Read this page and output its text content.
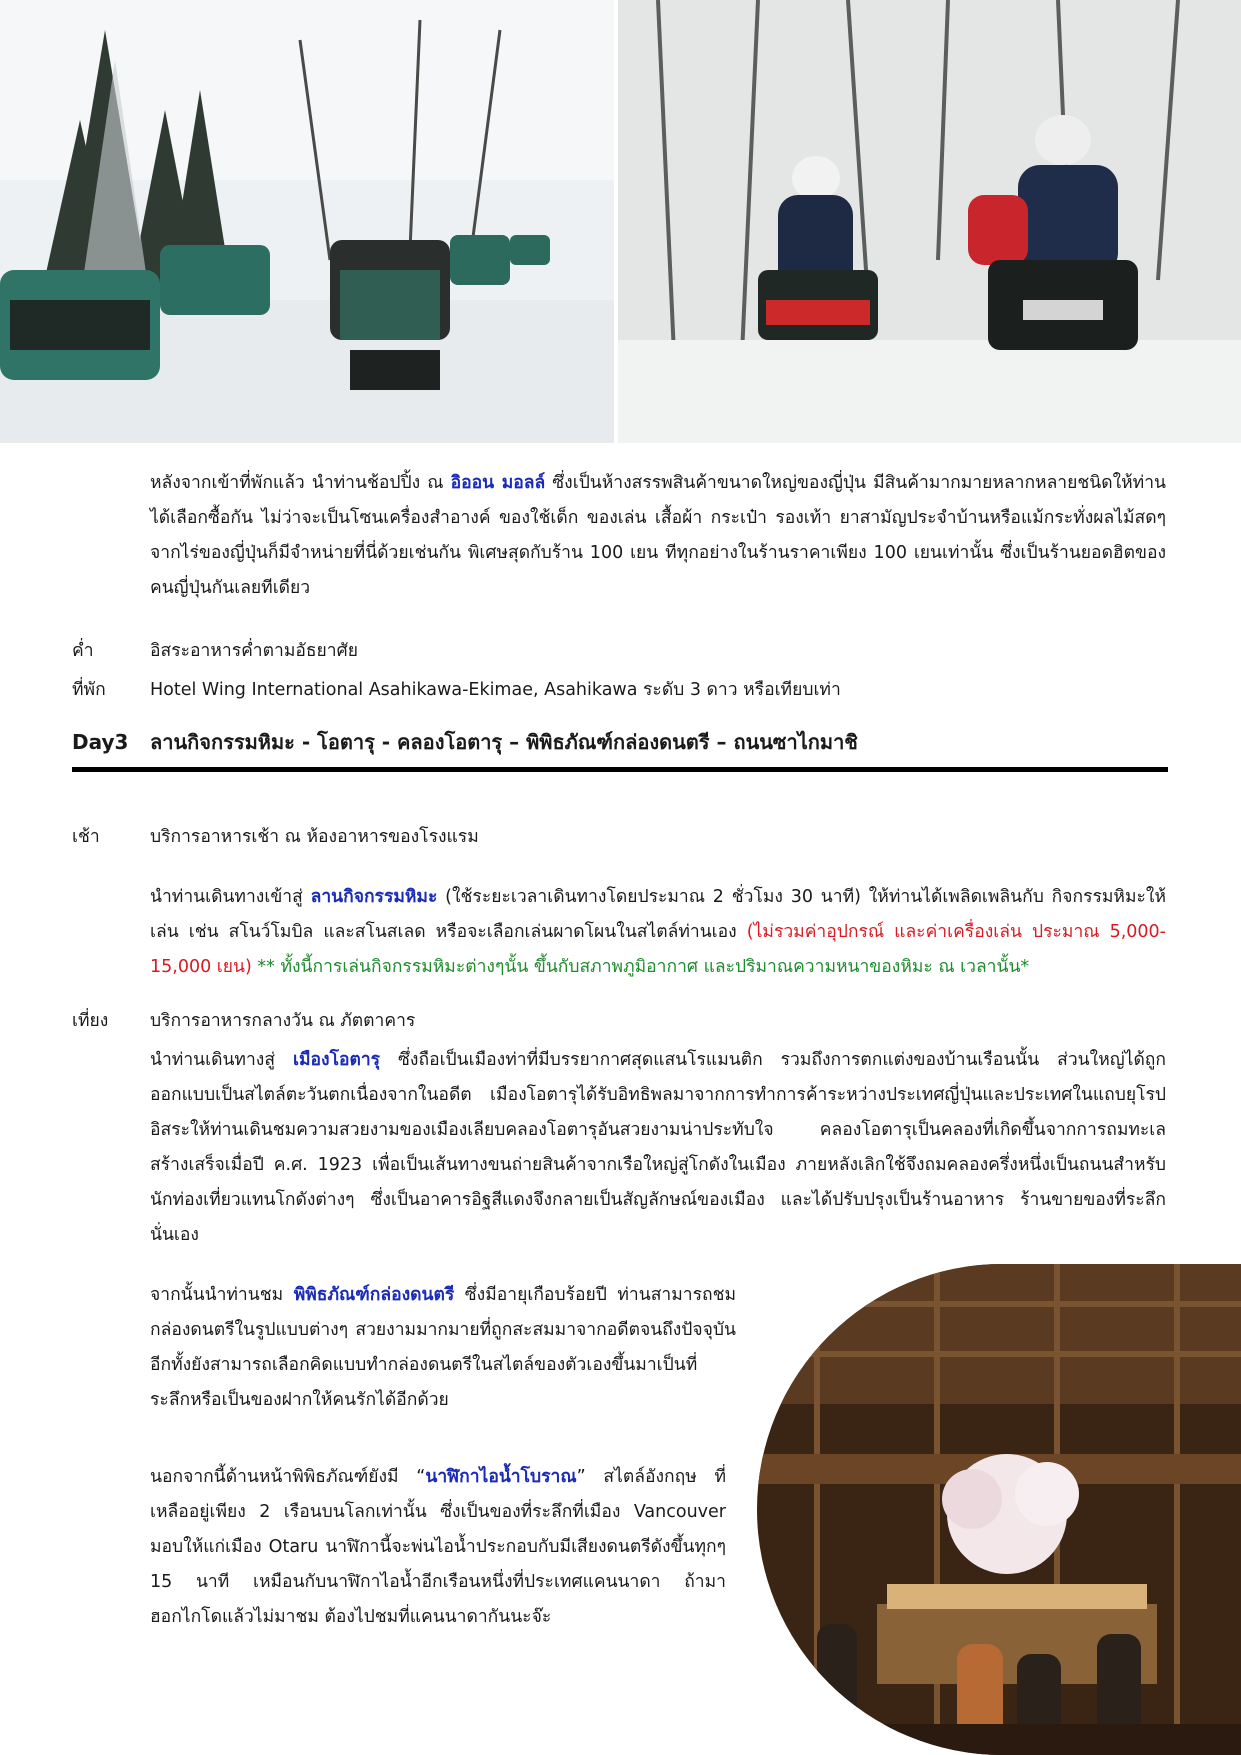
หลังจากเข้าที่พักแล้ว นำท่านช้อปปิ้ง ณ อิออน มอลล์ ซึ่งเป็นห้างสรรพสินค้าขนาดใหญ่ของญี่ปุ่น มีสินค้ามากมายหลากหลายชนิดให้ท่านได้เลือกซื้อกัน ไม่ว่าจะเป็นโซนเครื่องสำอางค์ ของใช้เด็ก ของเล่น เสื้อผ้า กระเป๋า รองเท้า ยาสามัญประจำบ้านหรือแม้กระทั่งผลไม้สดๆจากไร่ของญี่ปุ่นก็มีจำหน่ายที่นี่ด้วยเช่นกัน พิเศษสุดกับร้าน 100 เยน ทีทุกอย่างในร้านราคาเพียง 100 เยนเท่านั้น ซึ่งเป็นร้านยอดฮิตของคนญี่ปุ่นกันเลยทีเดียว

ค่ำ	อิสระอาหารค่ำตามอัธยาศัย
ที่พัก	Hotel Wing International Asahikawa-Ekimae, Asahikawa ระดับ 3 ดาว หรือเทียบเท่า
Day3 ลานกิจกรรมหิมะ - โอตารุ - คลองโอตารุ – พิพิธภัณฑ์กล่องดนตรี – ถนนซาไกมาชิ
เช้า	บริการอาหารเช้า ณ ห้องอาหารของโรงแรม

นำท่านเดินทางเข้าสู่ ลานกิจกรรมหิมะ (ใช้ระยะเวลาเดินทางโดยประมาณ 2 ชั่วโมง 30 นาที) ให้ท่านได้เพลิดเพลินกับ กิจกรรมหิมะให้เล่น เช่น สโนว์โมบิล และสโนสเลด หรือจะเลือกเล่นผาดโผนในสไตล์ท่านเอง (ไม่รวมค่าอุปกรณ์ และค่าเครื่องเล่น ประมาณ 5,000-15,000 เยน) ** ทั้งนี้การเล่นกิจกรรมหิมะต่างๆนั้น ขึ้นกับสภาพภูมิอากาศ และปริมาณความหนาของหิมะ ณ เวลานั้น*

เที่ยง บริการอาหารกลางวัน ณ ภัตตาคาร

นำท่านเดินทางสู่ เมืองโอตารุ ซึ่งถือเป็นเมืองท่าที่มีบรรยากาศสุดแสนโรแมนติก รวมถึงการตกแต่งของบ้านเรือนนั้น ส่วนใหญ่ได้ถูกออกแบบเป็นสไตล์ตะวันตกเนื่องจากในอดีต เมืองโอตารุได้รับอิทธิพลมาจากการทำการค้าระหว่างประเทศญี่ปุ่นและประเทศในแถบยุโรป อิสระให้ท่านเดินชมความสวยงามของเมืองเลียบคลองโอตารุอันสวยงามน่าประทับใจ คลองโอตารุเป็นคลองที่เกิดขึ้นจากการถมทะเล สร้างเสร็จเมื่อปี ค.ศ. 1923 เพื่อเป็นเส้นทางขนถ่ายสินค้าจากเรือใหญ่สู่โกดังในเมือง ภายหลังเลิกใช้จึงถมคลองครึ่งหนึ่งเป็นถนนสำหรับนักท่องเที่ยวแทนโกดังต่างๆ ซึ่งเป็นอาคารอิฐสีแดงจึงกลายเป็นสัญลักษณ์ของเมือง และได้ปรับปรุงเป็นร้านอาหาร ร้านขายของที่ระลึกนั่นเอง

จากนั้นนำท่านชม พิพิธภัณฑ์กล่องดนตรี ซึ่งมีอายุเกือบร้อยปี ท่านสามารถชมกล่องดนตรีในรูปแบบต่างๆ สวยงามมากมายที่ถูกสะสมมาจากอดีตจนถึงปัจจุบัน อีกทั้งยังสามารถเลือกคิดแบบทำกล่องดนตรีในสไตล์ของตัวเองขึ้นมาเป็นที่ระลึกหรือเป็นของฝากให้คนรักได้อีกด้วย

นอกจากนี้ด้านหน้าพิพิธภัณฑ์ยังมี “นาฬิกาไอน้ำโบราณ” สไตล์อังกฤษ ที่เหลืออยู่เพียง 2 เรือนบนโลกเท่านั้น ซึ่งเป็นของที่ระลึกที่เมือง Vancouver มอบให้แก่เมือง Otaru นาฬิกานี้จะพ่นไอน้ำประกอบกับมีเสียงดนตรีดังขึ้นทุกๆ 15 นาที เหมือนกับนาฬิกาไอน้ำอีกเรือนหนึ่งที่ประเทศแคนนาดา ถ้ามาฮอกไกโดแล้วไม่มาชม ต้องไปชมที่แคนนาดากันนะจ๊ะ
